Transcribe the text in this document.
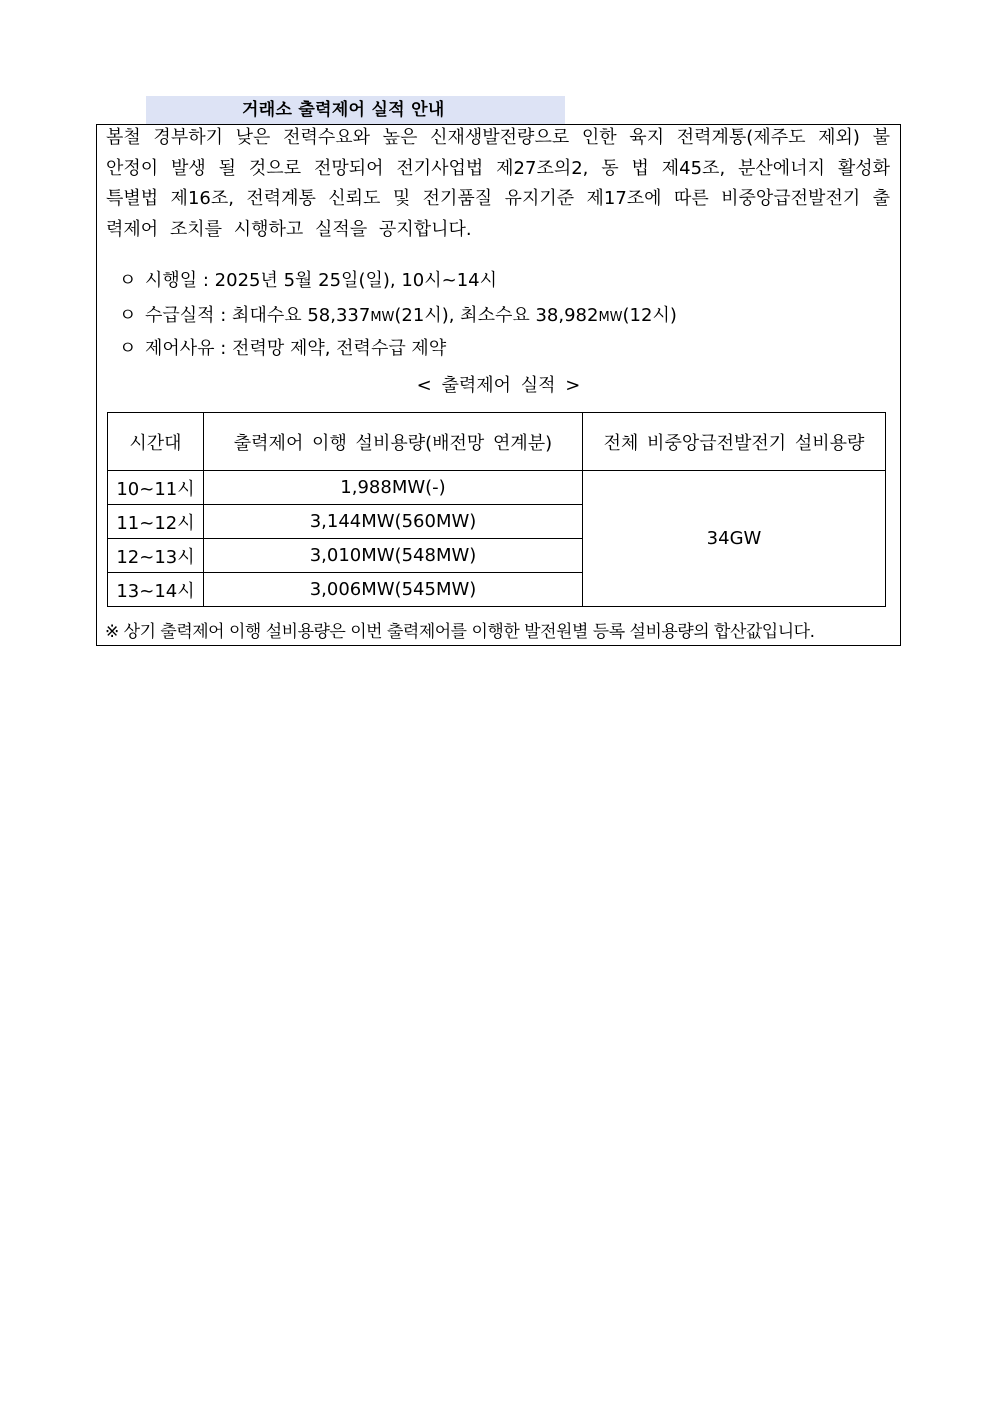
거래소 출력제어 실적 안내

봄철 경부하기 낮은 전력수요와 높은 신재생발전량으로 인한 육지 전력계통(제주도 제외) 불안정이 발생 될 것으로 전망되어 전기사업법 제27조의2, 동 법 제45조, 분산에너지 활성화 특별법 제16조, 전력계통 신뢰도 및 전기품질 유지기준 제17조에 따른 비중앙급전발전기 출력제어 조치를 시행하고 실적을 공지합니다.

ㅇ 시행일 : 2025년 5월 25일(일), 10시~14시
ㅇ 수급실적 : 최대수요 58,337MW(21시), 최소수요 38,982MW(12시)
ㅇ 제어사유 : 전력망 제약, 전력수급 제약
< 출력제어 실적 >
시간대	출력제어 이행 설비용량(배전망 연계분)	전체 비중앙급전발전기 설비용량
10~11시	1,988MW(-)	34GW
11~12시	3,144MW(560MW)	
12~13시	3,010MW(548MW)	
13~14시	3,006MW(545MW)	
※ 상기 출력제어 이행 설비용량은 이번 출력제어를 이행한 발전원별 등록 설비용량의 합산값입니다.
